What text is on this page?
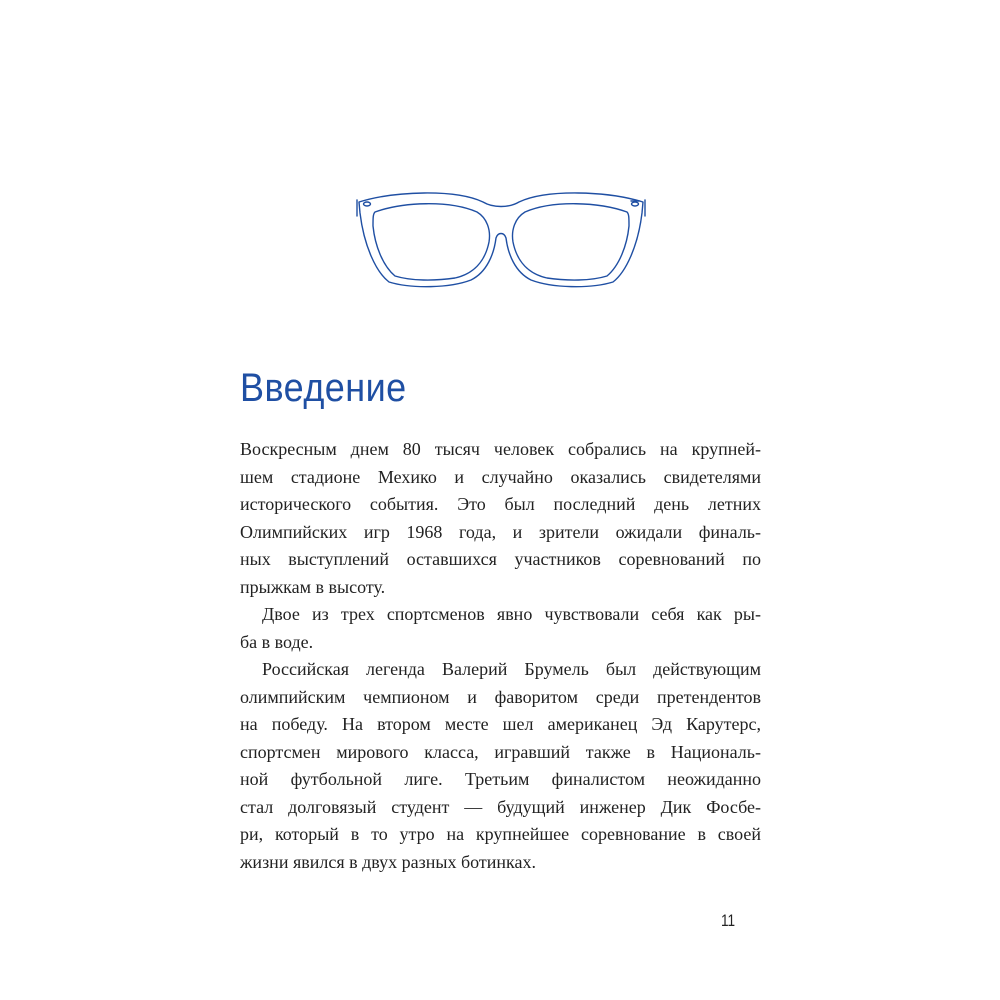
Введение
Воскресным днем 80 тысяч человек собрались на крупней-
шем стадионе Мехико и случайно оказались свидетелями
исторического события. Это был последний день летних
Олимпийских игр 1968 года, и зрители ожидали финаль-
ных выступлений оставшихся участников соревнований по
прыжкам в высоту.
Двое из трех спортсменов явно чувствовали себя как ры-
ба в воде.
Российская легенда Валерий Брумель был действующим
олимпийским чемпионом и фаворитом среди претендентов
на победу. На втором месте шел американец Эд Карутерс,
спортсмен мирового класса, игравший также в Националь-
ной футбольной лиге. Третьим финалистом неожиданно
стал долговязый студент — будущий инженер Дик Фосбе-
ри, который в то утро на крупнейшее соревнование в своей
жизни явился в двух разных ботинках.
11
